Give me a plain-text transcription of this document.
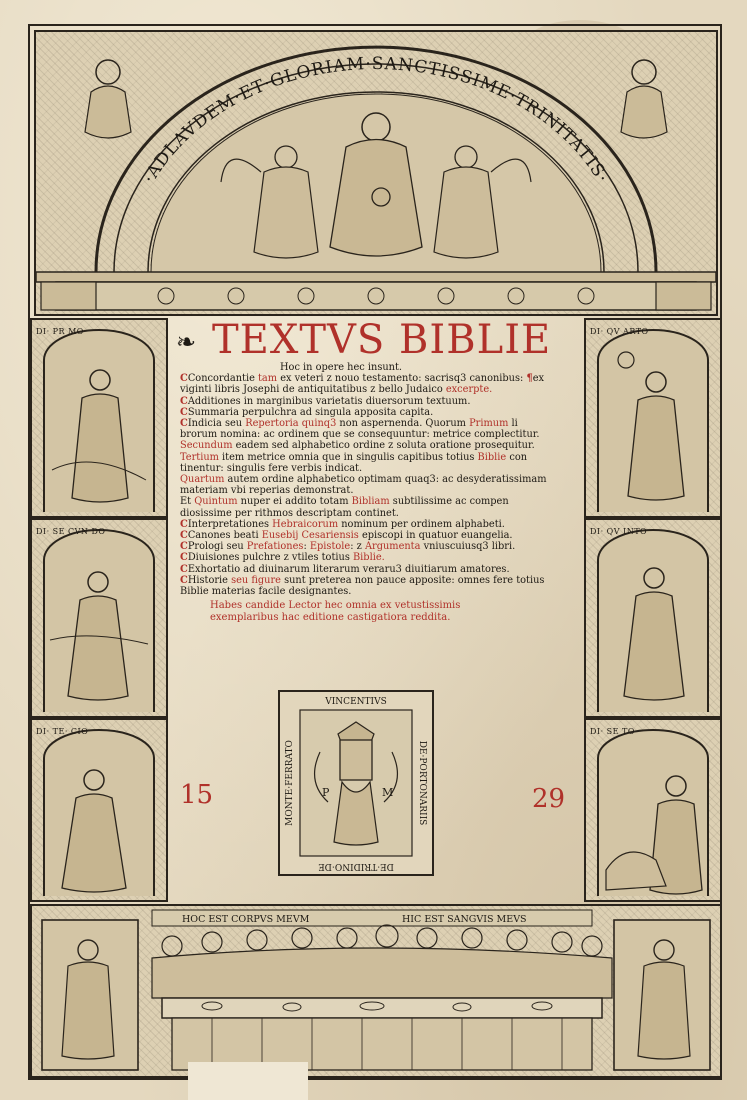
·ADLAVDEM·ET·GLORIAM·SANCTISSIME·TRINITATIS·
DI· PR MO
DI· SE CVN DO
DI· TE· CIO
DI· QV ARTO
DI· QV INTO
DI· SE TO
❧ TEXTVS BIBLIE
Hoc in opere hec insunt.
CConcordantie tam ex veteri z nouo testamento: sacrisq3 canonibus: ¶ex
viginti libris Josephi de antiquitatibus z bello Judaico excerpte.
CAdditiones in marginibus varietatis diuersorum textuum.
CSummaria perpulchra ad singula apposita capita.
CIndicia seu Repertoria quinq3 non aspernenda. Quorum Primum li
brorum nomina: ac ordinem que se consequuntur: metrice complectitur.
Secundum eadem sed alphabetico ordine z soluta oratione prosequitur.
Tertium item metrice omnia que in singulis capitibus totius Biblie con
tinentur: singulis fere verbis indicat.
Quartum autem ordine alphabetico optimam quaq3: ac desyderatissimam
materiam vbi reperias demonstrat.
Et Quintum nuper ei addito totam Bibliam subtilissime ac compen
diosissime per rithmos descriptam continet.
CInterpretationes Hebraicorum nominum per ordinem alphabeti.
CCanones beati Eusebij Cesariensis episcopi in quatuor euangelia.
CPrologi seu Prefationes: Epistole: z Argumenta vniuscuiusq3 libri.
CDiuisiones pulchre z vtiles totius Biblie.
CExhortatio ad diuinarum literarum veraru3 diuitiarum amatores.
CHistorie seu figure sunt preterea non pauce apposite: omnes fere totius
Biblie materias facile designantes.
Habes candide Lector hec omnia ex vetustissimis
exemplaribus hac editione castigatiora reddita.
15	29
VINCENTIVS
DE·PORTONARIIS
DE·TRIDINO·DE
MONTE·FERRATO
P	M
HOC EST CORPVS MEVM	HIC EST SANGVIS MEVS
